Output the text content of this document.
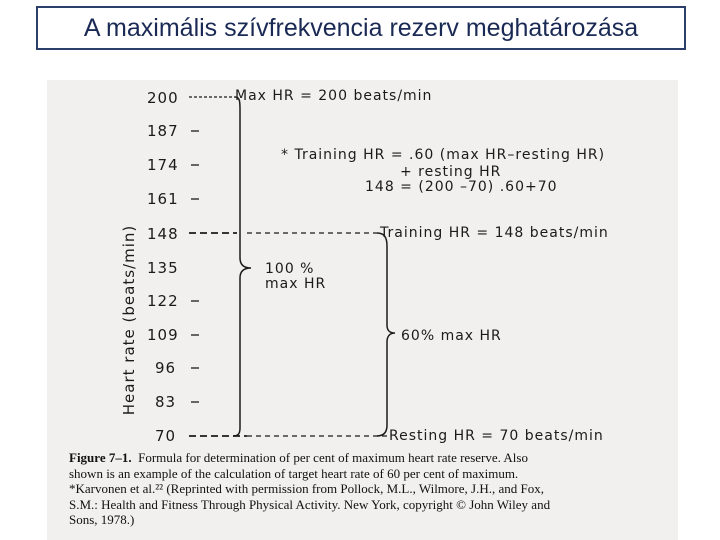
A maximális szívfrekvencia rezerv meghatározása
Heart rate (beats/min)
200
187
174
161
148
135
122
109
96
83
70
Max HR = 200 beats/min
* Training HR = .60 (max HR–resting HR)
+ resting HR
148 = (200 –70) .60+70
Training HR = 148 beats/min
100 %
max HR
60% max HR
Resting HR = 70 beats/min
Figure 7–1. Formula for determination of per cent of maximum heart rate reserve. Also
shown is an example of the calculation of target heart rate of 60 per cent of maximum.
*Karvonen et al.²² (Reprinted with permission from Pollock, M.L., Wilmore, J.H., and Fox,
S.M.: Health and Fitness Through Physical Activity. New York, copyright © John Wiley and
Sons, 1978.)
